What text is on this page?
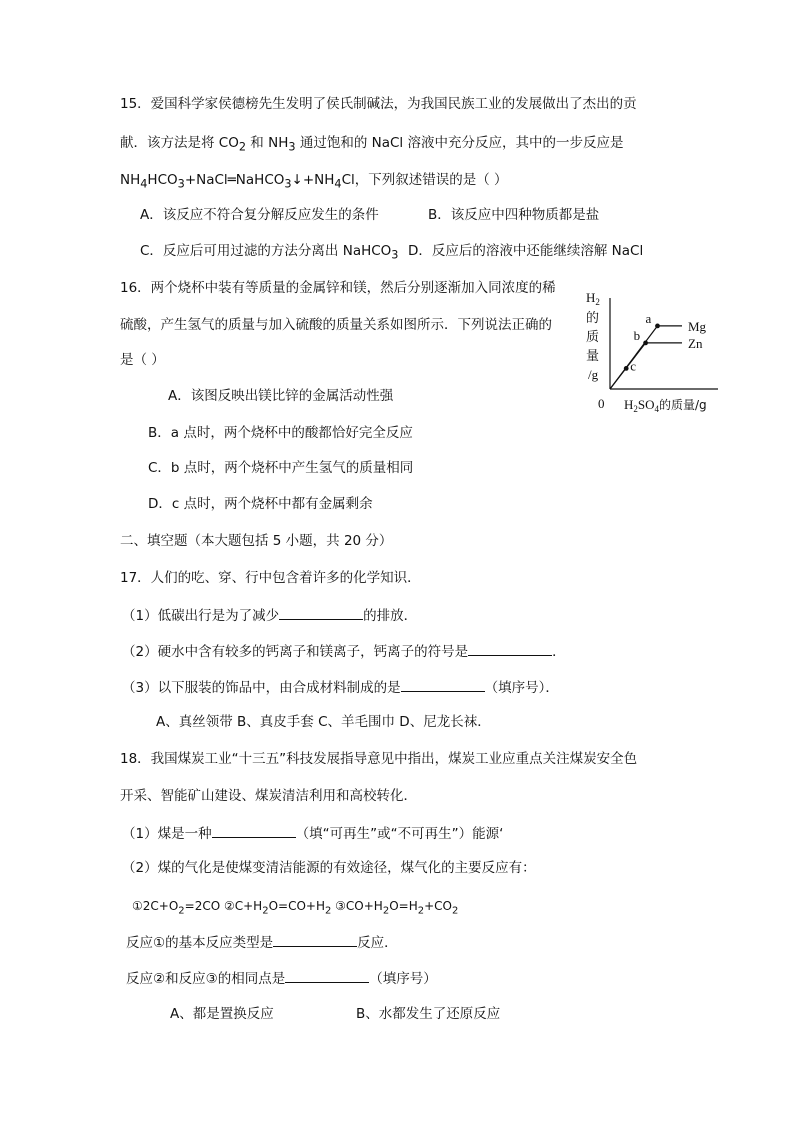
15．爱国科学家侯德榜先生发明了侯氏制碱法，为我国民族工业的发展做出了杰出的贡
献．该方法是将 $CO_2$ 和 $NH_3$ 通过饱和的 NaCl 溶液中充分反应，其中的一步反应是
$NH_4HCO_3+NaCl═NaHCO_3↓+NH_4Cl$，下列叙述错误的是（ ）
A．该反应不符合复分解反应发生的条件	B．该反应中四种物质都是盐
C．反应后可用过滤的方法分离出 NaHCO$_3$ D．反应后的溶液中还能继续溶解 NaCl
16．两个烧杯中装有等质量的金属锌和镁，然后分别逐渐加入同浓度的稀
硫酸，产生氢气的质量与加入硫酸的质量关系如图所示．下列说法正确的
是（ ）
A．该图反映出镁比锌的金属活动性强
B．a 点时，两个烧杯中的酸都恰好完全反应
C．b 点时，两个烧杯中产生氢气的质量相同
D．c 点时，两个烧杯中都有金属剩余
$H_2$
的
质
量
/g
0 $H_2SO_4$的质量/g
Mg
Zn
a
b
c
二、填空题（本大题包括 5 小题，共 20 分）
17．人们的吃、穿、行中包含着许多的化学知识．
（1）低碳出行是为了减少	的排放．
（2）硬水中含有较多的钙离子和镁离子，钙离子的符号是	．
（3）以下服装的饰品中，由合成材料制成的是	（填序号）．
A、真丝领带 B、真皮手套 C、羊毛围巾 D、尼龙长袜．
18．我国煤炭工业“十三五”科技发展指导意见中指出，煤炭工业应重点关注煤炭安全色
开采、智能矿山建设、煤炭清洁利用和高校转化．
（1）煤是一种	（填“可再生”或“不可再生”）能源‘
（2）煤的气化是使煤变清洁能源的有效途径，煤气化的主要反应有：
$①2C+O_2=2CO$ $②C+H_2O=CO+H_2$ $③CO+H_2O=H_2+CO_2$
反应①的基本反应类型是	反应．
反应②和反应③的相同点是	（填序号）
A、都是置换反应	B、水都发生了还原反应
